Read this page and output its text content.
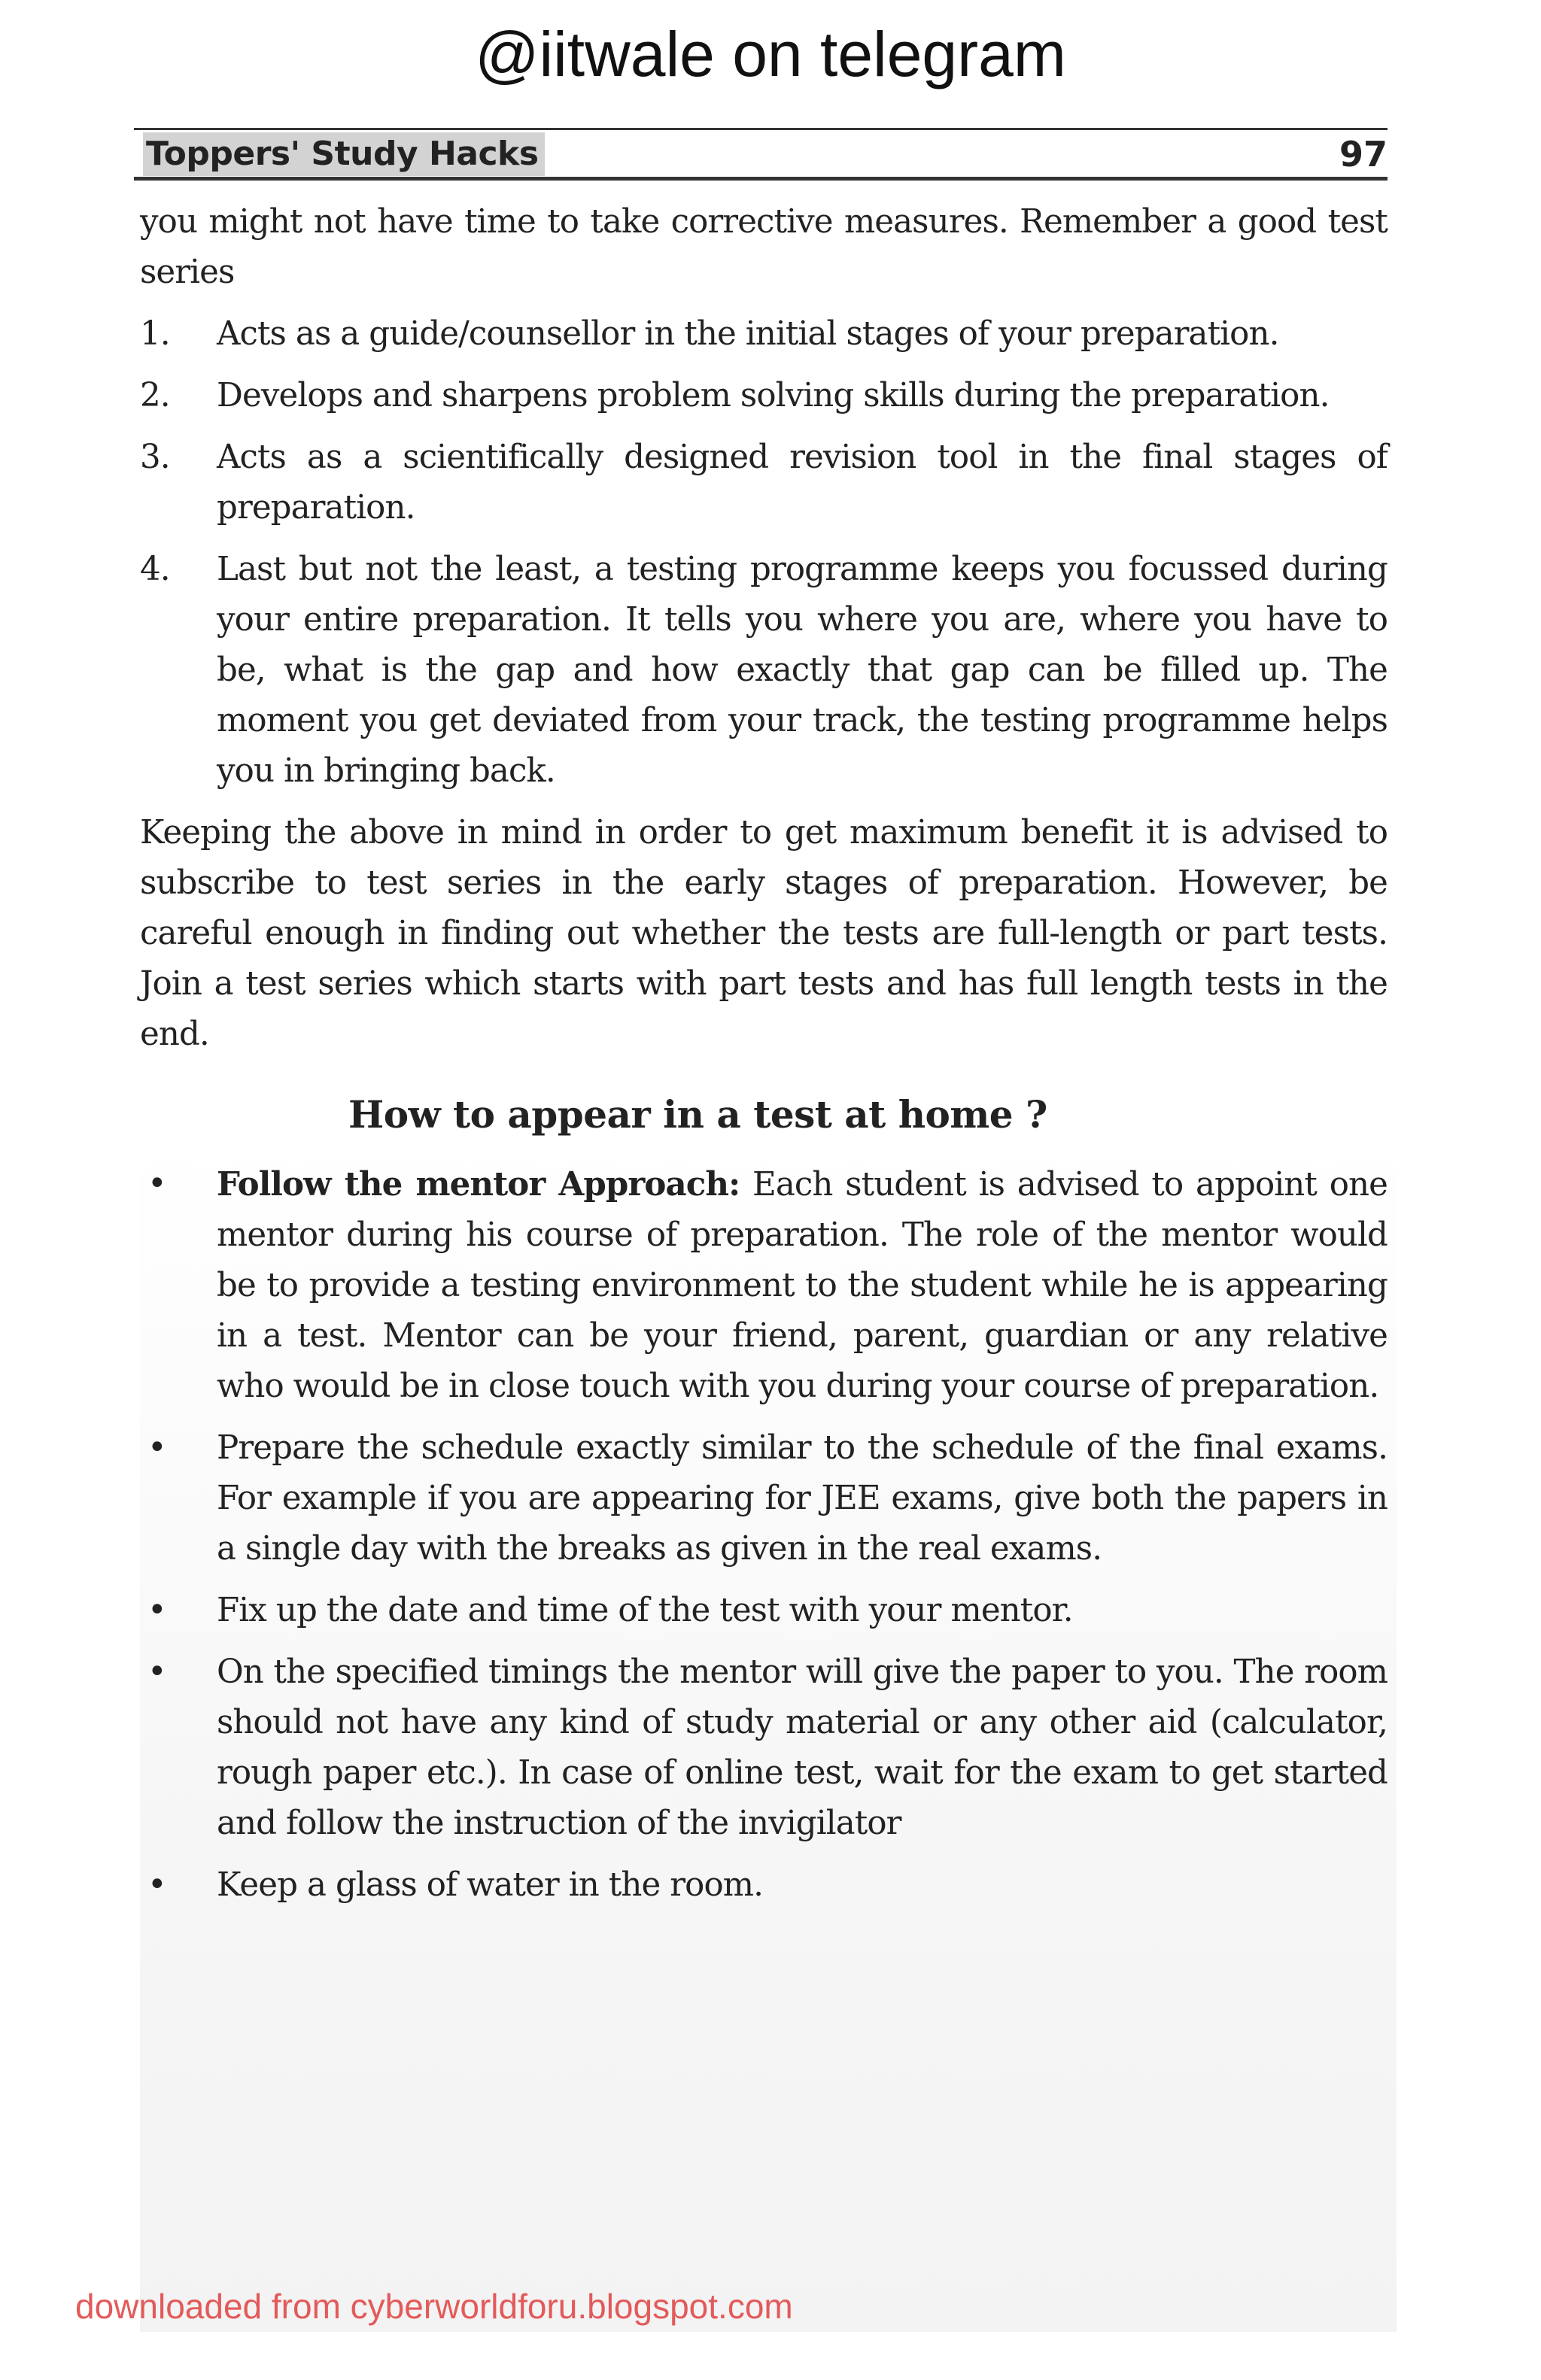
@iitwale on telegram
Toppers' Study Hacks	97

you might not have time to take corrective measures. Remember a good test series

1. Acts as a guide/counsellor in the initial stages of your preparation.

2. Develops and sharpens problem solving skills during the preparation.

3. Acts as a scientifically designed revision tool in the final stages of preparation.

4. Last but not the least, a testing programme keeps you focussed during your entire preparation. It tells you where you are, where you have to be, what is the gap and how exactly that gap can be filled up. The moment you get deviated from your track, the testing programme helps you in bringing back.

Keeping the above in mind in order to get maximum benefit it is advised to subscribe to test series in the early stages of preparation. However, be careful enough in finding out whether the tests are full-length or part tests. Join a test series which starts with part tests and has full length tests in the end.

How to appear in a test at home ?
• Follow the mentor Approach: Each student is advised to appoint one mentor during his course of preparation. The role of the mentor would be to provide a testing environment to the student while he is appearing in a test. Mentor can be your friend, parent, guardian or any relative who would be in close touch with you during your course of preparation.

• Prepare the schedule exactly similar to the schedule of the final exams. For example if you are appearing for JEE exams, give both the papers in a single day with the breaks as given in the real exams.

• Fix up the date and time of the test with your mentor.

• On the specified timings the mentor will give the paper to you. The room should not have any kind of study material or any other aid (calculator, rough paper etc.). In case of online test, wait for the exam to get started and follow the instruction of the invigilator

• Keep a glass of water in the room.

downloaded from cyberworldforu.blogspot.com
